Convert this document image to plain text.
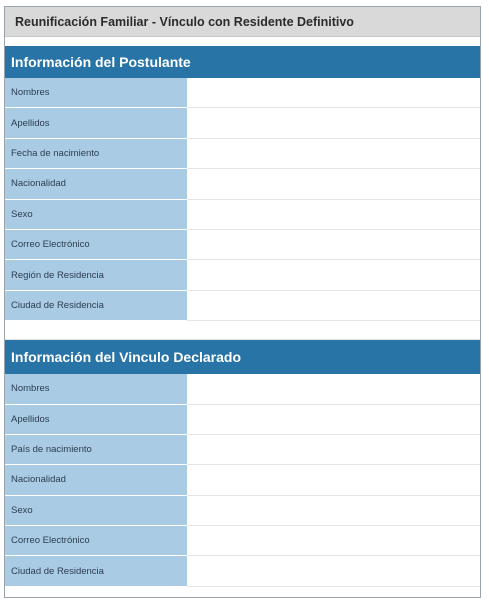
Reunificación Familiar - Vínculo con Residente Definitivo
Información del Postulante
Nombres
Apellidos
Fecha de nacimiento
Nacionalidad
Sexo
Correo Electrónico
Región de Residencia
Ciudad de Residencia
Información del Vinculo Declarado
Nombres
Apellidos
País de nacimiento
Nacionalidad
Sexo
Correo Electrónico
Ciudad de Residencia
